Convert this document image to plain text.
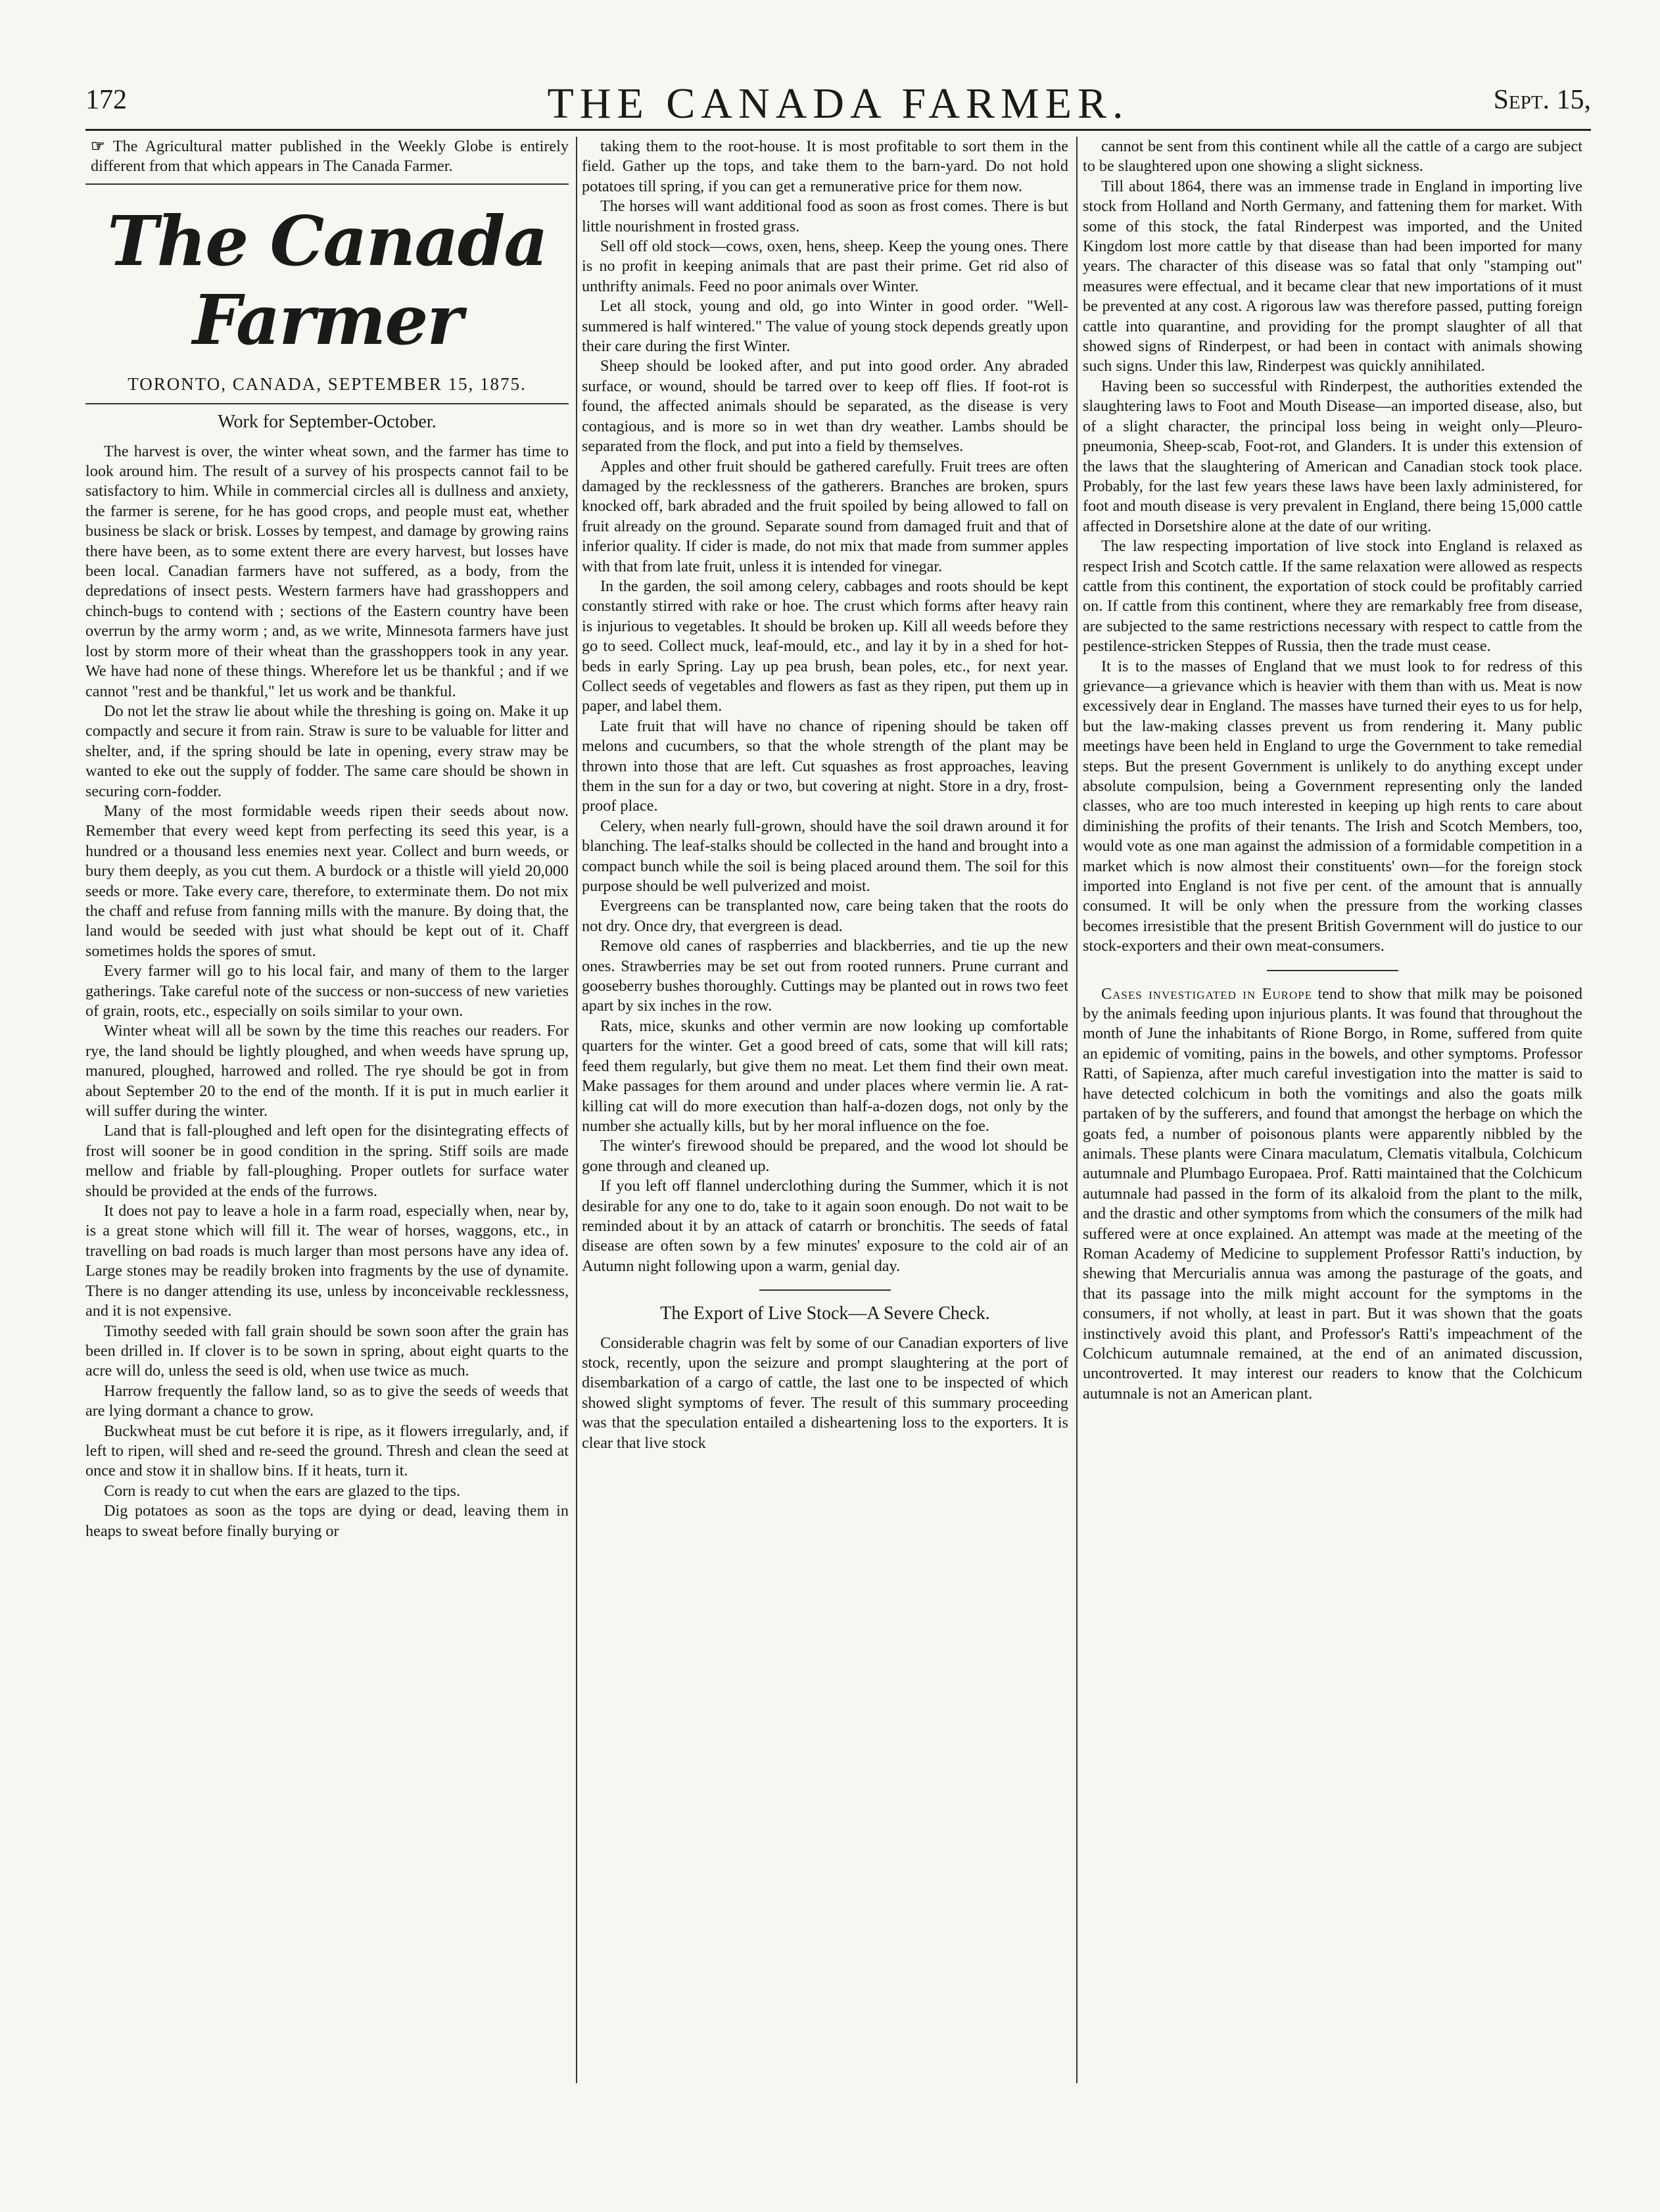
172	THE CANADA FARMER.	Sept. 15,

☞ The Agricultural matter published in the Weekly Globe is entirely different from that which appears in The Canada Farmer.

The Canada Farmer
TORONTO, CANADA, SEPTEMBER 15, 1875.

Work for September-October.

The harvest is over, the winter wheat sown, and the farmer has time to look around him. The result of a survey of his prospects cannot fail to be satisfactory to him. While in commercial circles all is dullness and anxiety, the farmer is serene, for he has good crops, and people must eat, whether business be slack or brisk. Losses by tempest, and damage by growing rains there have been, as to some extent there are every harvest, but losses have been local. Canadian farmers have not suffered, as a body, from the depredations of insect pests. Western farmers have had grasshoppers and chinch-bugs to contend with ; sections of the Eastern country have been overrun by the army worm ; and, as we write, Minnesota farmers have just lost by storm more of their wheat than the grasshoppers took in any year. We have had none of these things. Wherefore let us be thankful ; and if we cannot "rest and be thankful," let us work and be thankful.

Do not let the straw lie about while the threshing is going on. Make it up compactly and secure it from rain. Straw is sure to be valuable for litter and shelter, and, if the spring should be late in opening, every straw may be wanted to eke out the supply of fodder. The same care should be shown in securing corn-fodder.

Many of the most formidable weeds ripen their seeds about now. Remember that every weed kept from perfecting its seed this year, is a hundred or a thousand less enemies next year. Collect and burn weeds, or bury them deeply, as you cut them. A burdock or a thistle will yield 20,000 seeds or more. Take every care, therefore, to exterminate them. Do not mix the chaff and refuse from fanning mills with the manure. By doing that, the land would be seeded with just what should be kept out of it. Chaff sometimes holds the spores of smut.

Every farmer will go to his local fair, and many of them to the larger gatherings. Take careful note of the success or non-success of new varieties of grain, roots, etc., especially on soils similar to your own.

Winter wheat will all be sown by the time this reaches our readers. For rye, the land should be lightly ploughed, and when weeds have sprung up, manured, ploughed, harrowed and rolled. The rye should be got in from about September 20 to the end of the month. If it is put in much earlier it will suffer during the winter.

Land that is fall-ploughed and left open for the disintegrating effects of frost will sooner be in good condition in the spring. Stiff soils are made mellow and friable by fall-ploughing. Proper outlets for surface water should be provided at the ends of the furrows.

It does not pay to leave a hole in a farm road, especially when, near by, is a great stone which will fill it. The wear of horses, waggons, etc., in travelling on bad roads is much larger than most persons have any idea of. Large stones may be readily broken into fragments by the use of dynamite. There is no danger attending its use, unless by inconceivable recklessness, and it is not expensive.

Timothy seeded with fall grain should be sown soon after the grain has been drilled in. If clover is to be sown in spring, about eight quarts to the acre will do, unless the seed is old, when use twice as much.

Harrow frequently the fallow land, so as to give the seeds of weeds that are lying dormant a chance to grow.

Buckwheat must be cut before it is ripe, as it flowers irregularly, and, if left to ripen, will shed and re-seed the ground. Thresh and clean the seed at once and stow it in shallow bins. If it heats, turn it.

Corn is ready to cut when the ears are glazed to the tips.

Dig potatoes as soon as the tops are dying or dead, leaving them in heaps to sweat before finally burying or

taking them to the root-house. It is most profitable to sort them in the field. Gather up the tops, and take them to the barn-yard. Do not hold potatoes till spring, if you can get a remunerative price for them now.

The horses will want additional food as soon as frost comes. There is but little nourishment in frosted grass.

Sell off old stock—cows, oxen, hens, sheep. Keep the young ones. There is no profit in keeping animals that are past their prime. Get rid also of unthrifty animals. Feed no poor animals over Winter.

Let all stock, young and old, go into Winter in good order. "Well-summered is half wintered." The value of young stock depends greatly upon their care during the first Winter.

Sheep should be looked after, and put into good order. Any abraded surface, or wound, should be tarred over to keep off flies. If foot-rot is found, the affected animals should be separated, as the disease is very contagious, and is more so in wet than dry weather. Lambs should be separated from the flock, and put into a field by themselves.

Apples and other fruit should be gathered carefully. Fruit trees are often damaged by the recklessness of the gatherers. Branches are broken, spurs knocked off, bark abraded and the fruit spoiled by being allowed to fall on fruit already on the ground. Separate sound from damaged fruit and that of inferior quality. If cider is made, do not mix that made from summer apples with that from late fruit, unless it is intended for vinegar.

In the garden, the soil among celery, cabbages and roots should be kept constantly stirred with rake or hoe. The crust which forms after heavy rain is injurious to vegetables. It should be broken up. Kill all weeds before they go to seed. Collect muck, leaf-mould, etc., and lay it by in a shed for hot-beds in early Spring. Lay up pea brush, bean poles, etc., for next year. Collect seeds of vegetables and flowers as fast as they ripen, put them up in paper, and label them.

Late fruit that will have no chance of ripening should be taken off melons and cucumbers, so that the whole strength of the plant may be thrown into those that are left. Cut squashes as frost approaches, leaving them in the sun for a day or two, but covering at night. Store in a dry, frost-proof place.

Celery, when nearly full-grown, should have the soil drawn around it for blanching. The leaf-stalks should be collected in the hand and brought into a compact bunch while the soil is being placed around them. The soil for this purpose should be well pulverized and moist.

Evergreens can be transplanted now, care being taken that the roots do not dry. Once dry, that evergreen is dead.

Remove old canes of raspberries and blackberries, and tie up the new ones. Strawberries may be set out from rooted runners. Prune currant and gooseberry bushes thoroughly. Cuttings may be planted out in rows two feet apart by six inches in the row.

Rats, mice, skunks and other vermin are now looking up comfortable quarters for the winter. Get a good breed of cats, some that will kill rats; feed them regularly, but give them no meat. Let them find their own meat. Make passages for them around and under places where vermin lie. A rat-killing cat will do more execution than half-a-dozen dogs, not only by the number she actually kills, but by her moral influence on the foe.

The winter's firewood should be prepared, and the wood lot should be gone through and cleaned up.

If you left off flannel underclothing during the Summer, which it is not desirable for any one to do, take to it again soon enough. Do not wait to be reminded about it by an attack of catarrh or bronchitis. The seeds of fatal disease are often sown by a few minutes' exposure to the cold air of an Autumn night following upon a warm, genial day.

The Export of Live Stock—A Severe Check.

Considerable chagrin was felt by some of our Canadian exporters of live stock, recently, upon the seizure and prompt slaughtering at the port of disembarkation of a cargo of cattle, the last one to be inspected of which showed slight symptoms of fever. The result of this summary proceeding was that the speculation entailed a disheartening loss to the exporters. It is clear that live stock

cannot be sent from this continent while all the cattle of a cargo are subject to be slaughtered upon one showing a slight sickness.

Till about 1864, there was an immense trade in England in importing live stock from Holland and North Germany, and fattening them for market. With some of this stock, the fatal Rinderpest was imported, and the United Kingdom lost more cattle by that disease than had been imported for many years. The character of this disease was so fatal that only "stamping out" measures were effectual, and it became clear that new importations of it must be prevented at any cost. A rigorous law was therefore passed, putting foreign cattle into quarantine, and providing for the prompt slaughter of all that showed signs of Rinderpest, or had been in contact with animals showing such signs. Under this law, Rinderpest was quickly annihilated.

Having been so successful with Rinderpest, the authorities extended the slaughtering laws to Foot and Mouth Disease—an imported disease, also, but of a slight character, the principal loss being in weight only—Pleuro-pneumonia, Sheep-scab, Foot-rot, and Glanders. It is under this extension of the laws that the slaughtering of American and Canadian stock took place. Probably, for the last few years these laws have been laxly administered, for foot and mouth disease is very prevalent in England, there being 15,000 cattle affected in Dorsetshire alone at the date of our writing.

The law respecting importation of live stock into England is relaxed as respect Irish and Scotch cattle. If the same relaxation were allowed as respects cattle from this continent, the exportation of stock could be profitably carried on. If cattle from this continent, where they are remarkably free from disease, are subjected to the same restrictions necessary with respect to cattle from the pestilence-stricken Steppes of Russia, then the trade must cease.

It is to the masses of England that we must look to for redress of this grievance—a grievance which is heavier with them than with us. Meat is now excessively dear in England. The masses have turned their eyes to us for help, but the law-making classes prevent us from rendering it. Many public meetings have been held in England to urge the Government to take remedial steps. But the present Government is unlikely to do anything except under absolute compulsion, being a Government representing only the landed classes, who are too much interested in keeping up high rents to care about diminishing the profits of their tenants. The Irish and Scotch Members, too, would vote as one man against the admission of a formidable competition in a market which is now almost their constituents' own—for the foreign stock imported into England is not five per cent. of the amount that is annually consumed. It will be only when the pressure from the working classes becomes irresistible that the present British Government will do justice to our stock-exporters and their own meat-consumers.

Cases investigated in Europe tend to show that milk may be poisoned by the animals feeding upon injurious plants. It was found that throughout the month of June the inhabitants of Rione Borgo, in Rome, suffered from quite an epidemic of vomiting, pains in the bowels, and other symptoms. Professor Ratti, of Sapienza, after much careful investigation into the matter is said to have detected colchicum in both the vomitings and also the goats milk partaken of by the sufferers, and found that amongst the herbage on which the goats fed, a number of poisonous plants were apparently nibbled by the animals. These plants were Cinara maculatum, Clematis vitalbula, Colchicum autumnale and Plumbago Europaea. Prof. Ratti maintained that the Colchicum autumnale had passed in the form of its alkaloid from the plant to the milk, and the drastic and other symptoms from which the consumers of the milk had suffered were at once explained. An attempt was made at the meeting of the Roman Academy of Medicine to supplement Professor Ratti's induction, by shewing that Mercurialis annua was among the pasturage of the goats, and that its passage into the milk might account for the symptoms in the consumers, if not wholly, at least in part. But it was shown that the goats instinctively avoid this plant, and Professor's Ratti's impeachment of the Colchicum autumnale remained, at the end of an animated discussion, uncontroverted. It may interest our readers to know that the Colchicum autumnale is not an American plant.
